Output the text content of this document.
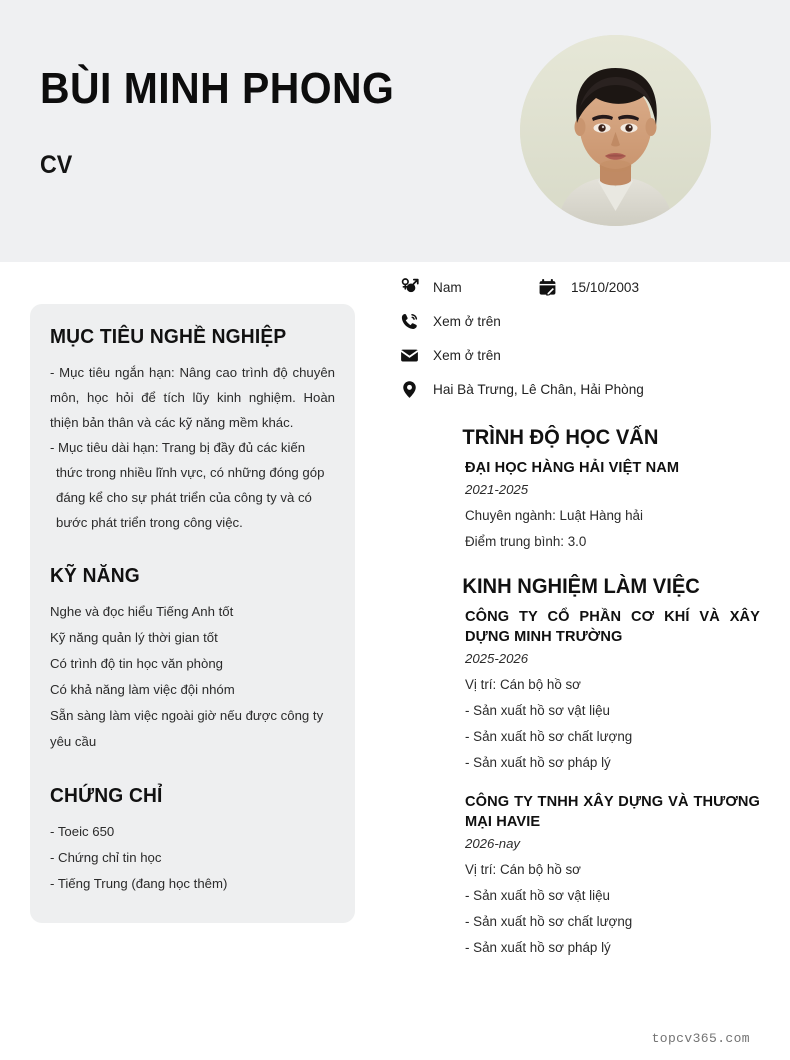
BÙI MINH PHONG
CV
MỤC TIÊU NGHỀ NGHIỆP
- Mục tiêu ngắn hạn: Nâng cao trình độ chuyên môn, học hỏi để tích lũy kinh nghiệm. Hoàn thiện bản thân và các kỹ năng mềm khác.
- Mục tiêu dài hạn: Trang bị đầy đủ các kiến

thức trong nhiều lĩnh vực, có những đóng góp
đáng kể cho sự phát triển của công ty và có
bước phát triển trong công việc.
KỸ NĂNG
Nghe và đọc hiểu Tiếng Anh tốt
Kỹ năng quản lý thời gian tốt
Có trình độ tin học văn phòng
Có khả năng làm việc đội nhóm
Sẵn sàng làm việc ngoài giờ nếu được công ty yêu cầu
CHỨNG CHỈ
- Toeic 650
- Chứng chỉ tin học
- Tiếng Trung (đang học thêm)
Nam	15/10/2003
Xem ở trên
Xem ở trên
Hai Bà Trưng, Lê Chân, Hải Phòng
TRÌNH ĐỘ HỌC VẤN
ĐẠI HỌC HÀNG HẢI VIỆT NAM
2021-2025
Chuyên ngành: Luật Hàng hải
Điểm trung bình: 3.0
KINH NGHIỆM LÀM VIỆC
CÔNG TY CỔ PHẦN CƠ KHÍ VÀ XÂY DỰNG MINH TRƯỜNG
2025-2026
Vị trí: Cán bộ hồ sơ
- Sản xuất hồ sơ vật liệu
- Sản xuất hồ sơ chất lượng
- Sản xuất hồ sơ pháp lý
CÔNG TY TNHH XÂY DỰNG VÀ THƯƠNG MẠI HAVIE
2026-nay
Vị trí: Cán bộ hồ sơ
- Sản xuất hồ sơ vật liệu
- Sản xuất hồ sơ chất lượng
- Sản xuất hồ sơ pháp lý
topcv365.com
